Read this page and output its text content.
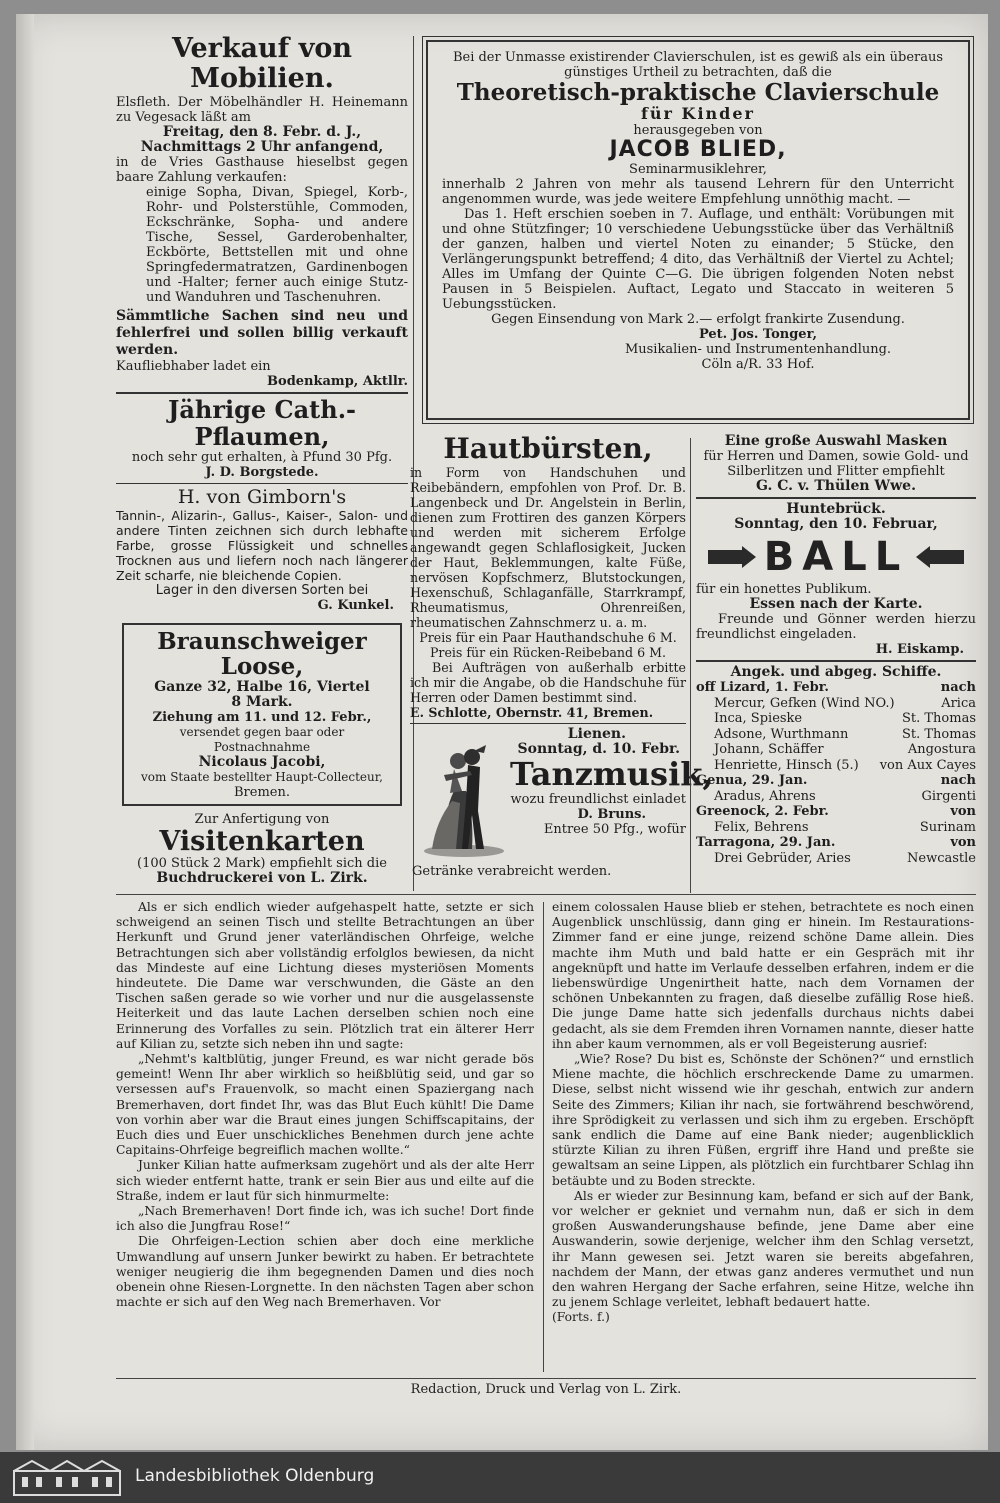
Verkauf von Mobilien.

Elsfleth. Der Möbelhändler H. Heinemann zu Vegesack läßt am

Freitag, den 8. Febr. d. J.,

Nachmittags 2 Uhr anfangend,

in de Vries Gasthause hieselbst gegen baare Zahlung verkaufen:

einige Sopha, Divan, Spiegel, Korb-, Rohr- und Polsterstühle, Commoden, Eckschränke, Sopha- und andere Tische, Sessel, Garderobenhalter, Eckbörte, Bettstellen mit und ohne Springfedermatratzen, Gardinenbogen und -Halter; ferner auch einige Stutz- und Wanduhren und Taschenuhren.

Sämmtliche Sachen sind neu und fehlerfrei und sollen billig verkauft werden.

Kaufliebhaber ladet ein

Bodenkamp, Aktllr.

Jährige Cath.-Pflaumen,

noch sehr gut erhalten, à Pfund 30 Pfg.

J. D. Borgstede.

H. von Gimborn's

Tannin-, Alizarin-, Gallus-, Kaiser-, Salon- und andere Tinten zeichnen sich durch lebhafte Farbe, grosse Flüssigkeit und schnelles Trocknen aus und liefern noch nach längerer Zeit scharfe, nie bleichende Copien.

Lager in den diversen Sorten bei

G. Kunkel.

Braunschweiger Loose,

Ganze 32, Halbe 16, Viertel

8 Mark.

Ziehung am 11. und 12. Febr.,

versendet gegen baar oder Postnachnahme

Nicolaus Jacobi,

vom Staate bestellter Haupt-Collecteur,

Bremen.

Zur Anfertigung von

Visitenkarten

(100 Stück 2 Mark) empfiehlt sich die

Buchdruckerei von L. Zirk.

Bei der Unmasse existirender Clavierschulen, ist es gewiß als ein überaus günstiges Urtheil zu betrachten, daß die

Theoretisch-praktische Clavierschule

für Kinder

herausgegeben von

JACOB BLIED,

Seminarmusiklehrer,

innerhalb 2 Jahren von mehr als tausend Lehrern für den Unterricht angenommen wurde, was jede weitere Empfehlung unnöthig macht. —

Das 1. Heft erschien soeben in 7. Auflage, und enthält: Vorübungen mit und ohne Stützfinger; 10 verschiedene Uebungsstücke über das Verhältniß der ganzen, halben und viertel Noten zu einander; 5 Stücke, den Verlängerungspunkt betreffend; 4 dito, das Verhältniß der Viertel zu Achtel; Alles im Umfang der Quinte C—G. Die übrigen folgenden Noten nebst Pausen in 5 Beispielen. Auftact, Legato und Staccato in weiteren 5 Uebungsstücken.

Gegen Einsendung von Mark 2.— erfolgt frankirte Zusendung.

Pet. Jos. Tonger,

Musikalien- und Instrumentenhandlung.

Cöln a/R. 33 Hof.

Hautbürsten,

in Form von Handschuhen und Reibebändern, empfohlen von Prof. Dr. B. Langenbeck und Dr. Angelstein in Berlin, dienen zum Frottiren des ganzen Körpers und werden mit sicherem Erfolge angewandt gegen Schlaflosigkeit, Jucken der Haut, Beklemmungen, kalte Füße, nervösen Kopfschmerz, Blutstockungen, Hexenschuß, Schlaganfälle, Starrkrampf, Rheumatismus, Ohrenreißen, rheumatischen Zahnschmerz u. a. m.

Preis für ein Paar Hauthandschuhe 6 M.

Preis für ein Rücken-Reibeband 6 M.

Bei Aufträgen von außerhalb erbitte ich mir die Angabe, ob die Handschuhe für Herren oder Damen bestimmt sind.

E. Schlotte, Obernstr. 41, Bremen.

Lienen.

Sonntag, d. 10. Febr.

Tanzmusik,

wozu freundlichst einladet

D. Bruns.

Entree 50 Pfg., wofür

Getränke verabreicht werden.

Eine große Auswahl Masken

für Herren und Damen, sowie Gold- und

Silberlitzen und Flitter empfiehlt

G. C. v. Thülen Wwe.

Huntebrück.

Sonntag, den 10. Februar,

BALL

für ein honettes Publikum.

Essen nach der Karte.

Freunde und Gönner werden hierzu freundlichst eingeladen.

H. Eiskamp.

Angek. und abgeg. Schiffe.

off Lizard, 1. Febr.	nach
Mercur, Gefken (Wind NO.)	Arica
Inca, Spieske	St. Thomas
Adsone, Wurthmann	St. Thomas
Johann, Schäffer	Angostura
Henriette, Hinsch (5.) von Aux Cayes
Genua, 29. Jan.	nach
Aradus, Ahrens	Girgenti
Greenock, 2. Febr.	von
Felix, Behrens	Surinam
Tarragona, 29. Jan.	von
Drei Gebrüder, Aries	Newcastle

Als er sich endlich wieder aufgehaspelt hatte, setzte er sich schweigend an seinen Tisch und stellte Betrachtungen an über Herkunft und Grund jener vaterländischen Ohrfeige, welche Betrachtungen sich aber vollständig erfolglos bewiesen, da nicht das Mindeste auf eine Lichtung dieses mysteriösen Moments hindeutete. Die Dame war verschwunden, die Gäste an den Tischen saßen gerade so wie vorher und nur die ausgelassenste Heiterkeit und das laute Lachen derselben schien noch eine Erinnerung des Vorfalles zu sein. Plötzlich trat ein älterer Herr auf Kilian zu, setzte sich neben ihn und sagte:

„Nehmt's kaltblütig, junger Freund, es war nicht gerade bös gemeint! Wenn Ihr aber wirklich so heißblütig seid, und gar so versessen auf's Frauenvolk, so macht einen Spaziergang nach Bremerhaven, dort findet Ihr, was das Blut Euch kühlt! Die Dame von vorhin aber war die Braut eines jungen Schiffscapitains, der Euch dies und Euer unschickliches Benehmen durch jene achte Capitains-Ohrfeige begreiflich machen wollte.“

Junker Kilian hatte aufmerksam zugehört und als der alte Herr sich wieder entfernt hatte, trank er sein Bier aus und eilte auf die Straße, indem er laut für sich hinmurmelte:

„Nach Bremerhaven! Dort finde ich, was ich suche! Dort finde ich also die Jungfrau Rose!“

Die Ohrfeigen-Lection schien aber doch eine merkliche Umwandlung auf unsern Junker bewirkt zu haben. Er betrachtete weniger neugierig die ihm begegnenden Damen und dies noch obenein ohne Riesen-Lorgnette. In den nächsten Tagen aber schon machte er sich auf den Weg nach Bremerhaven. Vor

einem colossalen Hause blieb er stehen, betrachtete es noch einen Augenblick unschlüssig, dann ging er hinein. Im Restaurations-Zimmer fand er eine junge, reizend schöne Dame allein. Dies machte ihm Muth und bald hatte er ein Gespräch mit ihr angeknüpft und hatte im Verlaufe desselben erfahren, indem er die liebenswürdige Ungenirtheit hatte, nach dem Vornamen der schönen Unbekannten zu fragen, daß dieselbe zufällig Rose hieß. Die junge Dame hatte sich jedenfalls durchaus nichts dabei gedacht, als sie dem Fremden ihren Vornamen nannte, dieser hatte ihn aber kaum vernommen, als er voll Begeisterung ausrief:

„Wie? Rose? Du bist es, Schönste der Schönen?“ und ernstlich Miene machte, die höchlich erschreckende Dame zu umarmen. Diese, selbst nicht wissend wie ihr geschah, entwich zur andern Seite des Zimmers; Kilian ihr nach, sie fortwährend beschwörend, ihre Sprödigkeit zu verlassen und sich ihm zu ergeben. Erschöpft sank endlich die Dame auf eine Bank nieder; augenblicklich stürzte Kilian zu ihren Füßen, ergriff ihre Hand und preßte sie gewaltsam an seine Lippen, als plötzlich ein furchtbarer Schlag ihn betäubte und zu Boden streckte.

Als er wieder zur Besinnung kam, befand er sich auf der Bank, vor welcher er gekniet und vernahm nun, daß er sich in dem großen Auswanderungshause befinde, jene Dame aber eine Auswanderin, sowie derjenige, welcher ihm den Schlag versetzt, ihr Mann gewesen sei. Jetzt waren sie bereits abgefahren, nachdem der Mann, der etwas ganz anderes vermuthet und nun den wahren Hergang der Sache erfahren, seine Hitze, welche ihn zu jenem Schlage verleitet, lebhaft bedauert hatte.

(Forts. f.)

Redaction, Druck und Verlag von L. Zirk.

Landesbibliothek Oldenburg
